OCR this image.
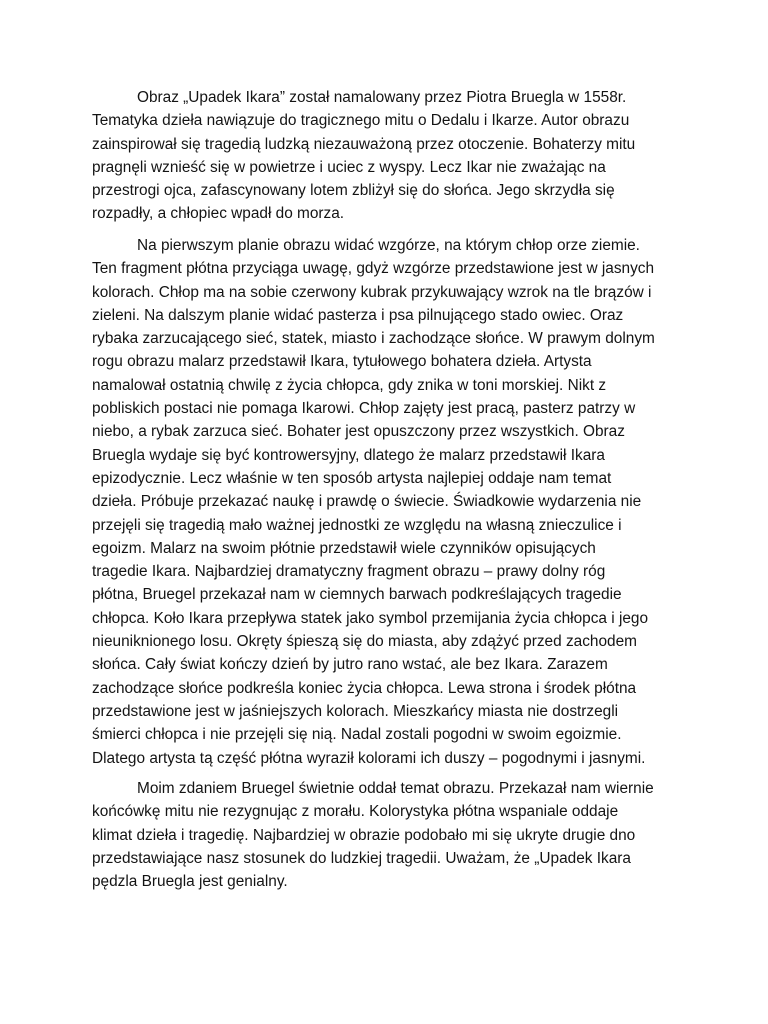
Obraz „Upadek Ikara” został namalowany przez Piotra Bruegla w 1558r.
Tematyka dzieła nawiązuje do tragicznego mitu o Dedalu i Ikarze. Autor obrazu
zainspirował się tragedią ludzką niezauważoną przez otoczenie. Bohaterzy mitu
pragnęli wznieść się w powietrze i uciec z wyspy. Lecz Ikar nie zważając na
przestrogi ojca, zafascynowany lotem zbliżył się do słońca. Jego skrzydła się
rozpadły, a chłopiec wpadł do morza.
Na pierwszym planie obrazu widać wzgórze, na którym chłop orze ziemie.
Ten fragment płótna przyciąga uwagę, gdyż wzgórze przedstawione jest w jasnych
kolorach. Chłop ma na sobie czerwony kubrak przykuwający wzrok na tle brązów i
zieleni. Na dalszym planie widać pasterza i psa pilnującego stado owiec. Oraz
rybaka zarzucającego sieć, statek, miasto i zachodzące słońce. W prawym dolnym
rogu obrazu malarz przedstawił Ikara, tytułowego bohatera dzieła. Artysta
namalował ostatnią chwilę z życia chłopca, gdy znika w toni morskiej. Nikt z
pobliskich postaci nie pomaga Ikarowi. Chłop zajęty jest pracą, pasterz patrzy w
niebo, a rybak zarzuca sieć. Bohater jest opuszczony przez wszystkich. Obraz
Bruegla wydaje się być kontrowersyjny, dlatego że malarz przedstawił Ikara
epizodycznie. Lecz właśnie w ten sposób artysta najlepiej oddaje nam temat
dzieła. Próbuje przekazać naukę i prawdę o świecie. Świadkowie wydarzenia nie
przejęli się tragedią mało ważnej jednostki ze względu na własną znieczulice i
egoizm. Malarz na swoim płótnie przedstawił wiele czynników opisujących
tragedie Ikara. Najbardziej dramatyczny fragment obrazu – prawy dolny róg
płótna, Bruegel przekazał nam w ciemnych barwach podkreślających tragedie
chłopca. Koło Ikara przepływa statek jako symbol przemijania życia chłopca i jego
nieuniknionego losu. Okręty śpieszą się do miasta, aby zdążyć przed zachodem
słońca. Cały świat kończy dzień by jutro rano wstać, ale bez Ikara. Zarazem
zachodzące słońce podkreśla koniec życia chłopca. Lewa strona i środek płótna
przedstawione jest w jaśniejszych kolorach. Mieszkańcy miasta nie dostrzegli
śmierci chłopca i nie przejęli się nią. Nadal zostali pogodni w swoim egoizmie.
Dlatego artysta tą część płótna wyraził kolorami ich duszy – pogodnymi i jasnymi.
Moim zdaniem Bruegel świetnie oddał temat obrazu. Przekazał nam wiernie
końcówkę mitu nie rezygnując z morału. Kolorystyka płótna wspaniale oddaje
klimat dzieła i tragedię. Najbardziej w obrazie podobało mi się ukryte drugie dno
przedstawiające nasz stosunek do ludzkiej tragedii. Uważam, że „Upadek Ikara
pędzla Bruegla jest genialny.
